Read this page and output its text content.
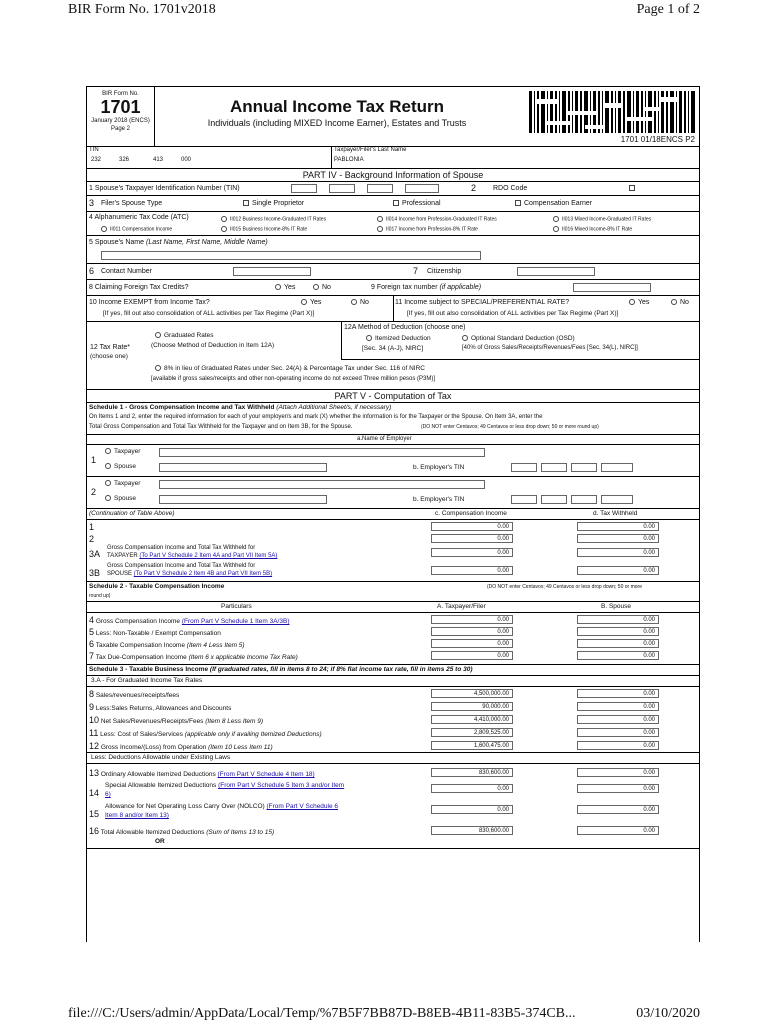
BIR Form No. 1701v2018	Page 1 of 2
BIR Form No.
1701
January 2018 (ENCS)
Page 2
Annual Income Tax Return
Individuals (including MIXED Income Earner), Estates and Trusts
1701 01/18ENCS P2
TIN
232	326	413	000
Taxpayer/Filer's Last Name
PABLONIA
PART IV - Background Information of Spouse
1 Spouse's Taxpayer Identification Number (TIN)	2 RDO Code
3 Filer's Spouse Type	Single Proprietor	Professional	Compensation Earner
4 Alphanumeric Tax Code (ATC)	II012 Business Income-Graduated IT Rates	II014 Income from Profession-Graduated IT Rates	II013 Mixed Income-Graduated IT Rates
II011 Compensation Income	II015 Business Income-8% IT Rate	II017 Income from Profession-8% IT Rate	II016 Mixed Income-8% IT Rate
5 Spouse's Name (Last Name, First Name, Middle Name)
6 Contact Number	7 Citizenship
8 Claiming Foreign Tax Credits?	Yes	No	9 Foreign tax number (if applicable)
10 Income EXEMPT from Income Tax?	Yes	No
[If yes, fill out also consolidation of ALL activities per Tax Regime (Part X)]
11 Income subject to SPECIAL/PREFERENTIAL RATE?	Yes	No
[If yes, fill out also consolidation of ALL activities per Tax Regime (Part X)]
12 Tax Rate*
(choose one)
Graduated Rates
(Choose Method of Deduction in Item 12A)
12A Method of Deduction (choose one)
Itemized Deduction
[Sec. 34 (A-J), NIRC]
Optional Standard Deduction (OSD)
[40% of Gross Sales/Receipts/Revenues/Fees [Sec. 34(L), NIRC]]
8% in lieu of Graduated Rates under Sec. 24(A) & Percentage Tax under Sec. 116 of NIRC
[available if gross sales/receipts and other non-operating income do not exceed Three million pesos (P3M)]
PART V - Computation of Tax
Schedule 1 - Gross Compensation Income and Tax Withheld (Attach Additional Sheet/s, if necessary)
On Items 1 and 2, enter the required information for each of your employer/s and mark (X) whether the information is for the Taxpayer or the Spouse. On Item 3A, enter the
Total Gross Compensation and Total Tax Withheld for the Taxpayer and on Item 3B, for the Spouse.	(DO NOT enter Centavos; 49 Centavos or less drop down; 50 or more round up)
a.Name of Employer
1
Taxpayer
Spouse	b. Employer's TIN
2
Taxpayer
Spouse	b. Employer's TIN
(Continuation of Table Above)	c. Compensation Income	d. Tax Withheld
1	0.00	0.00
2	0.00	0.00
3A
Gross Compensation Income and Total Tax Withheld for
TAXPAYER (To Part V Schedule 2 Item 4A and Part VII Item 5A)	0.00	0.00
3B
Gross Compensation Income and Total Tax Withheld for
SPOUSE (To Part V Schedule 2 Item 4B and Part VII Item 5B)	0.00	0.00
Schedule 2 - Taxable Compensation Income	(DO NOT enter Centavos; 49 Centavos or less drop down; 50 or more
round up)
Particulars	A. Taxpayer/Filer	B. Spouse
4 Gross Compensation Income (From Part V Schedule 1 Item 3A/3B)	0.00	0.00
5 Less: Non-Taxable / Exempt Compensation	0.00	0.00
6 Taxable Compensation Income (Item 4 Less Item 5)	0.00	0.00
7 Tax Due-Compensation Income (Item 6 x applicable Income Tax Rate)	0.00	0.00
Schedule 3 - Taxable Business Income (If graduated rates, fill in items 8 to 24; if 8% flat income tax rate, fill in items 25 to 30)
3.A - For Graduated Income Tax Rates
8 Sales/revenues/receipts/fees	4,500,000.00	0.00
9 Less:Sales Returns, Allowances and Discounts	90,000.00	0.00
10 Net Sales/Revenues/Receipts/Fees (Item 8 Less Item 9)	4,410,000.00	0.00
11 Less: Cost of Sales/Services (applicable only if availing Itemized Deductions)	2,809,525.00	0.00
12 Gross Income/(Loss) from Operation (Item 10 Less Item 11)	1,600,475.00	0.00
Less: Deductions Allowable under Existing Laws
13 Ordinary Allowable Itemized Deductions (From Part V Schedule 4 Item 18)	830,600.00	0.00
14
Special Allowable Itemized Deductions (From Part V Schedule 5 Item 3 and/or Item
6)
0.00	0.00
15
Allowance for Net Operating Loss Carry Over (NOLCO) (From Part V Schedule 6
Item 8 and/or Item 13)
0.00	0.00
16 Total Allowable Itemized Deductions (Sum of Items 13 to 15)	830,600.00	0.00
OR
file:///C:/Users/admin/AppData/Local/Temp/%7B5F7BB87D-B8EB-4B11-83B5-374CB...	03/10/2020
